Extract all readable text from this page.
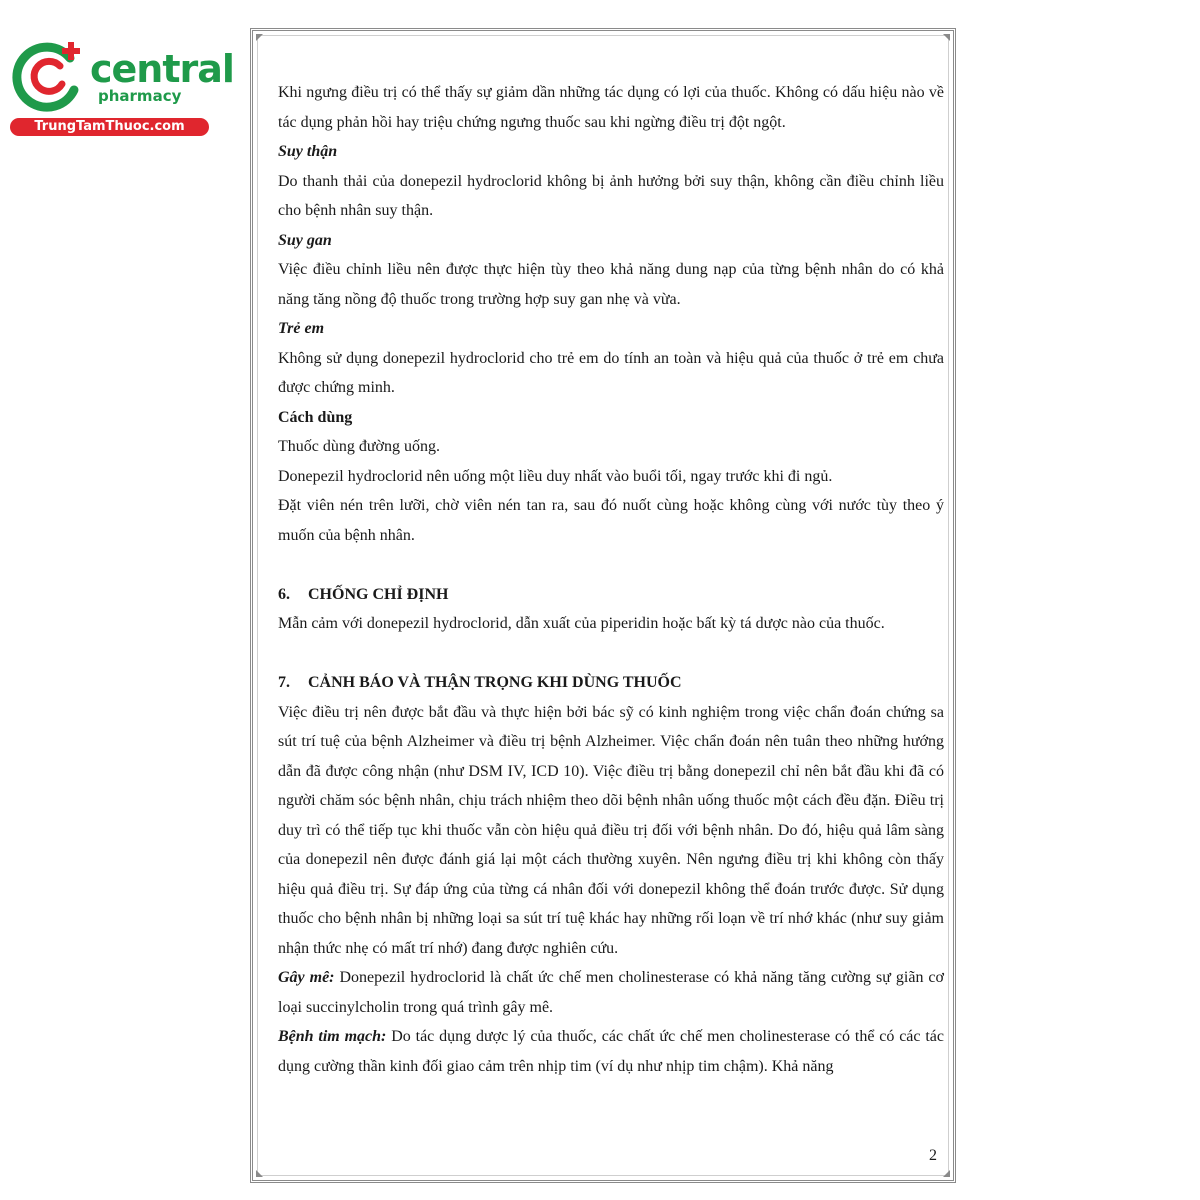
central
pharmacy
TrungTamThuoc.com

Khi ngưng điều trị có thể thấy sự giảm dần những tác dụng có lợi của thuốc. Không có dấu hiệu nào về tác dụng phản hồi hay triệu chứng ngưng thuốc sau khi ngừng điều trị đột ngột.

Suy thận

Do thanh thải của donepezil hydroclorid không bị ảnh hưởng bởi suy thận, không cần điều chỉnh liều cho bệnh nhân suy thận.

Suy gan

Việc điều chỉnh liều nên được thực hiện tùy theo khả năng dung nạp của từng bệnh nhân do có khả năng tăng nồng độ thuốc trong trường hợp suy gan nhẹ và vừa.

Trẻ em

Không sử dụng donepezil hydroclorid cho trẻ em do tính an toàn và hiệu quả của thuốc ở trẻ em chưa được chứng minh.

Cách dùng

Thuốc dùng đường uống.

Donepezil hydroclorid nên uống một liều duy nhất vào buổi tối, ngay trước khi đi ngủ.

Đặt viên nén trên lưỡi, chờ viên nén tan ra, sau đó nuốt cùng hoặc không cùng với nước tùy theo ý muốn của bệnh nhân.

6. CHỐNG CHỈ ĐỊNH

Mẫn cảm với donepezil hydroclorid, dẫn xuất của piperidin hoặc bất kỳ tá dược nào của thuốc.

7. CẢNH BÁO VÀ THẬN TRỌNG KHI DÙNG THUỐC

Việc điều trị nên được bắt đầu và thực hiện bởi bác sỹ có kinh nghiệm trong việc chẩn đoán chứng sa sút trí tuệ của bệnh Alzheimer và điều trị bệnh Alzheimer. Việc chẩn đoán nên tuân theo những hướng dẫn đã được công nhận (như DSM IV, ICD 10). Việc điều trị bằng donepezil chỉ nên bắt đầu khi đã có người chăm sóc bệnh nhân, chịu trách nhiệm theo dõi bệnh nhân uống thuốc một cách đều đặn. Điều trị duy trì có thể tiếp tục khi thuốc vẫn còn hiệu quả điều trị đối với bệnh nhân. Do đó, hiệu quả lâm sàng của donepezil nên được đánh giá lại một cách thường xuyên. Nên ngưng điều trị khi không còn thấy hiệu quả điều trị. Sự đáp ứng của từng cá nhân đối với donepezil không thể đoán trước được. Sử dụng thuốc cho bệnh nhân bị những loại sa sút trí tuệ khác hay những rối loạn về trí nhớ khác (như suy giảm nhận thức nhẹ có mất trí nhớ) đang được nghiên cứu.

Gây mê: Donepezil hydroclorid là chất ức chế men cholinesterase có khả năng tăng cường sự giãn cơ loại succinylcholin trong quá trình gây mê.

Bệnh tim mạch: Do tác dụng dược lý của thuốc, các chất ức chế men cholinesterase có thể có các tác dụng cường thần kinh đối giao cảm trên nhịp tim (ví dụ như nhịp tim chậm). Khả năng

2
